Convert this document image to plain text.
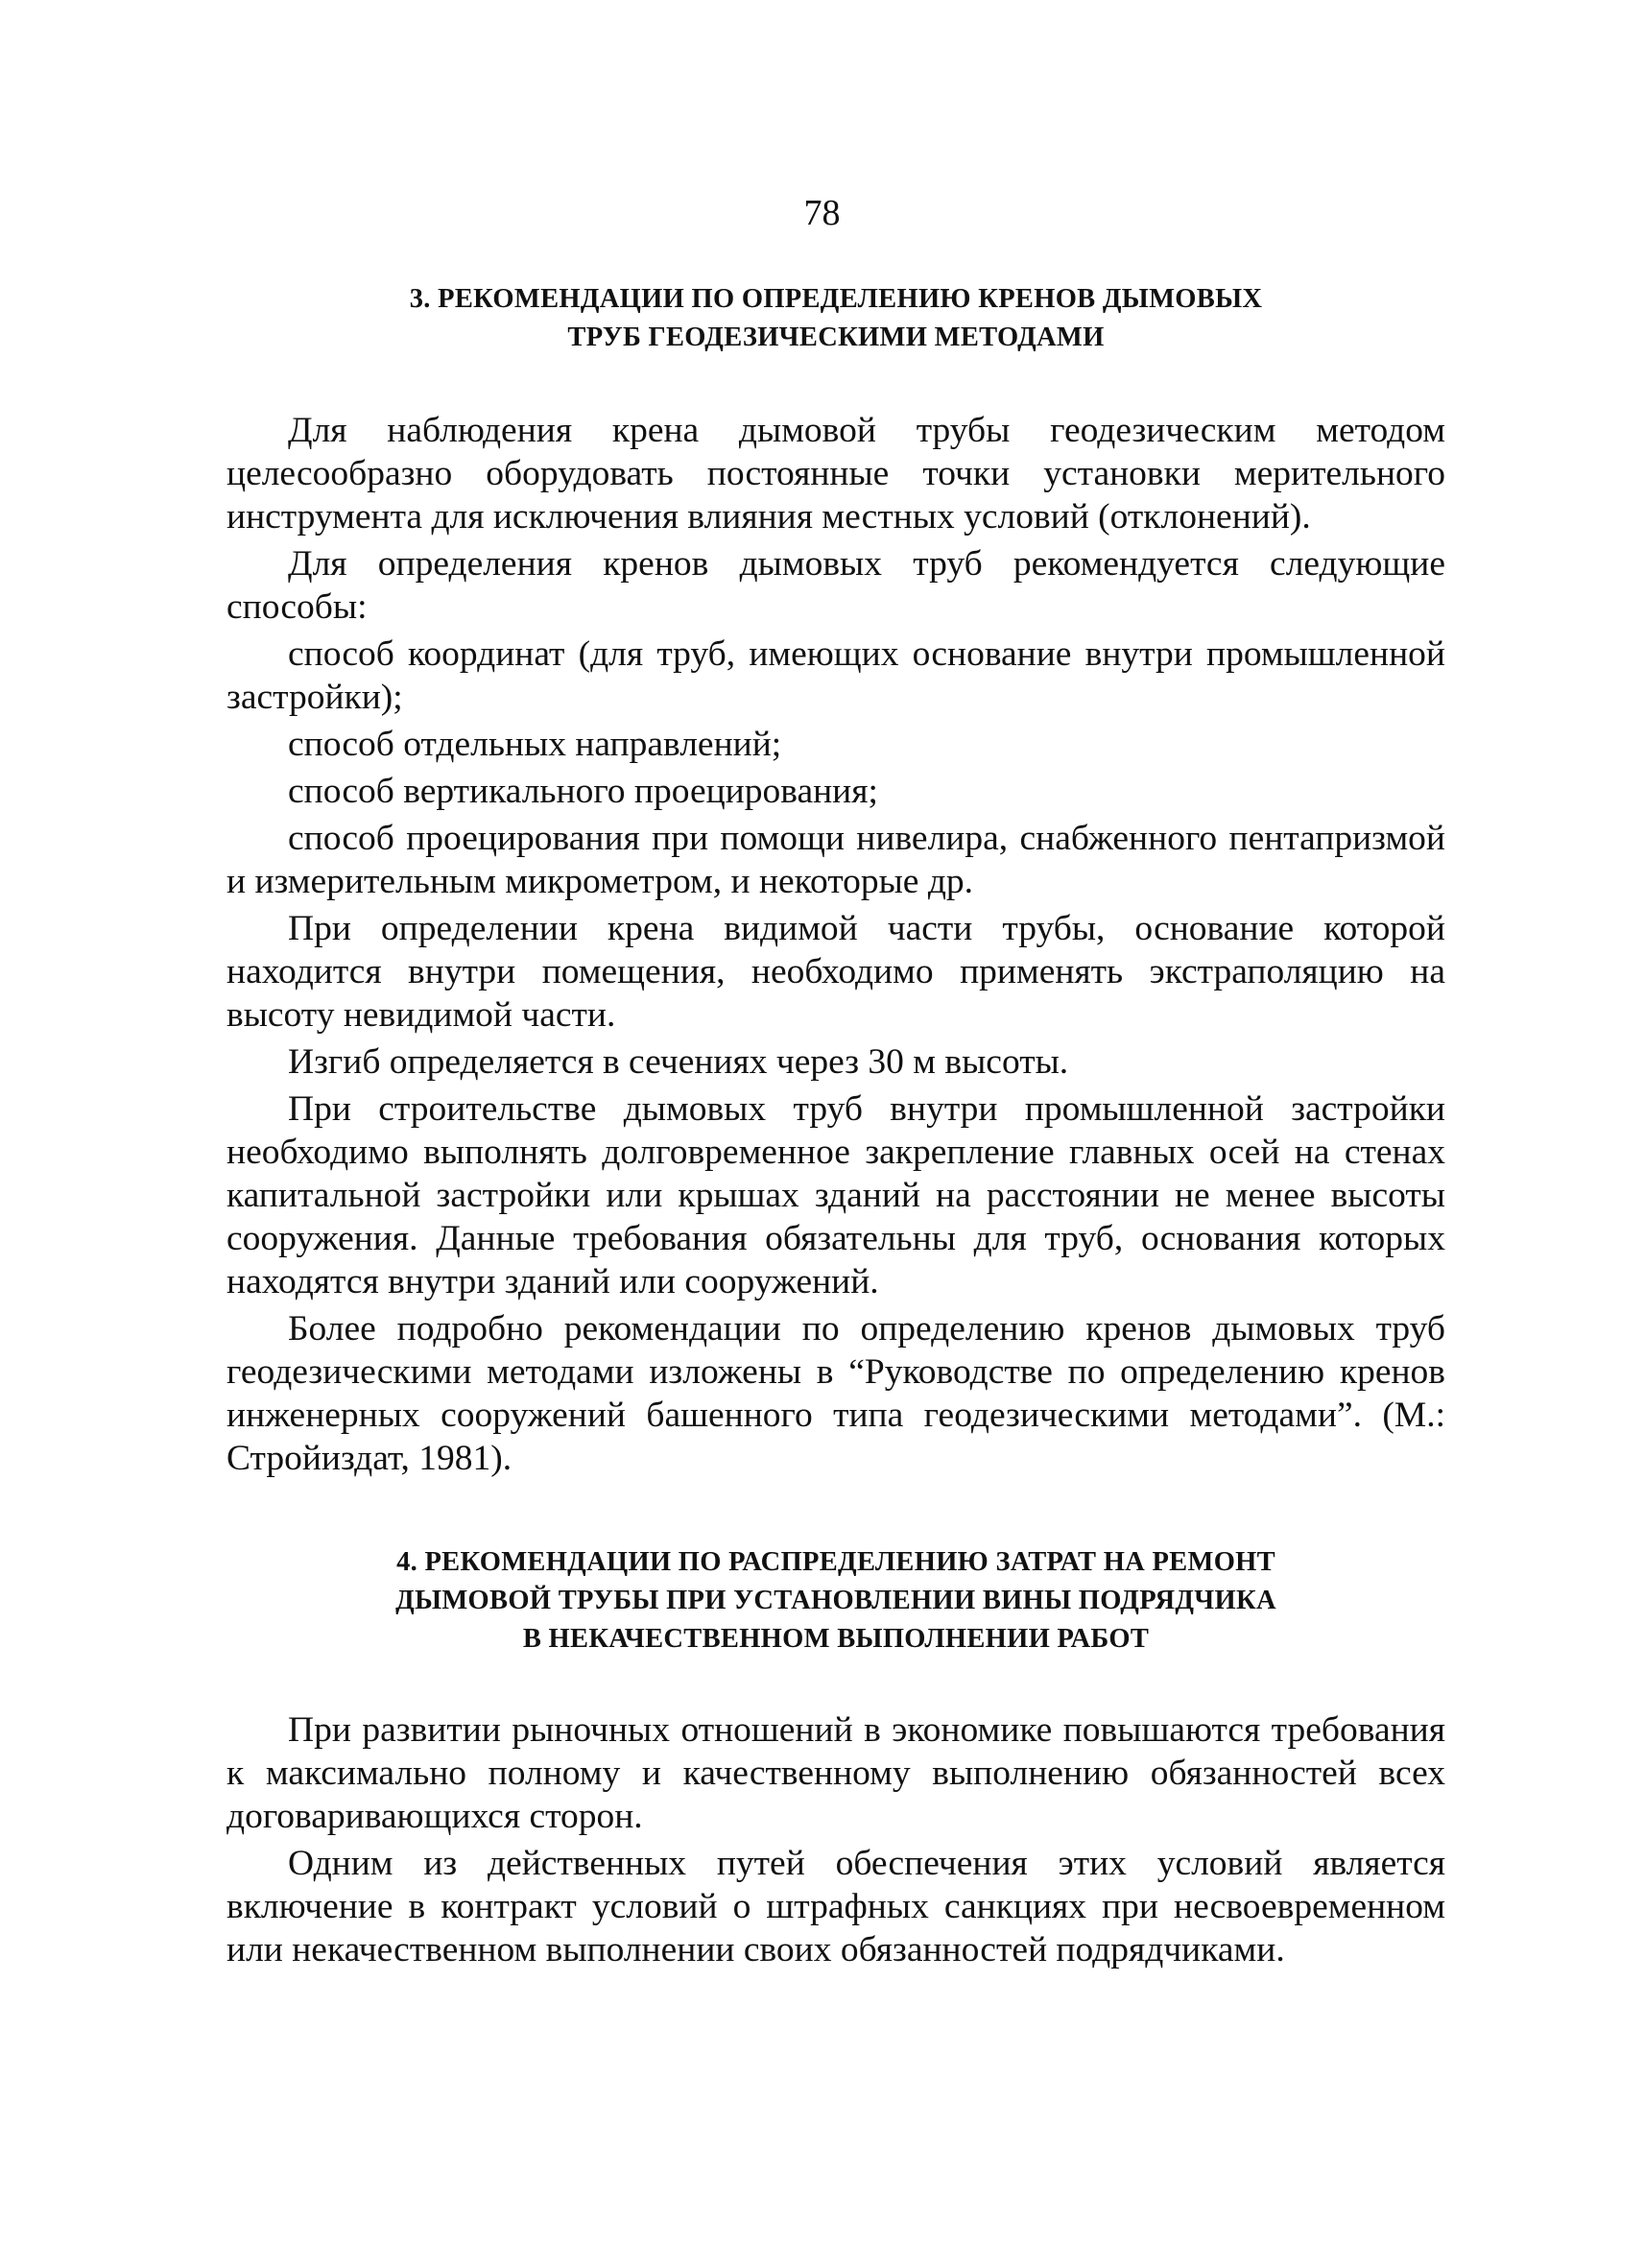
78
3. РЕКОМЕНДАЦИИ ПО ОПРЕДЕЛЕНИЮ КРЕНОВ ДЫМОВЫХ
ТРУБ ГЕОДЕЗИЧЕСКИМИ МЕТОДАМИ

Для наблюдения крена дымовой трубы геодезическим методом целесообразно оборудовать постоянные точки установки мерительного инструмента для исключения влияния местных условий (отклонений).

Для определения кренов дымовых труб рекомендуется следующие способы:

способ координат (для труб, имеющих основание внутри промышленной застройки);

способ отдельных направлений;

способ вертикального проецирования;

способ проецирования при помощи нивелира, снабженного пентапризмой и измерительным микрометром, и некоторые др.

При определении крена видимой части трубы, основание которой находится внутри помещения, необходимо применять экстраполяцию на высоту невидимой части.

Изгиб определяется в сечениях через 30 м высоты.

При строительстве дымовых труб внутри промышленной застройки необходимо выполнять долговременное закрепление главных осей на стенах капитальной застройки или крышах зданий на расстоянии не менее высоты сооружения. Данные требования обязательны для труб, основания которых находятся внутри зданий или сооружений.

Более подробно рекомендации по определению кренов дымовых труб геодезическими методами изложены в “Руководстве по определению кренов инженерных сооружений башенного типа геодезическими методами”. (М.: Стройиздат, 1981).

4. РЕКОМЕНДАЦИИ ПО РАСПРЕДЕЛЕНИЮ ЗАТРАТ НА РЕМОНТ
ДЫМОВОЙ ТРУБЫ ПРИ УСТАНОВЛЕНИИ ВИНЫ ПОДРЯДЧИКА
В НЕКАЧЕСТВЕННОМ ВЫПОЛНЕНИИ РАБОТ

При развитии рыночных отношений в экономике повышаются требования к максимально полному и качественному выполнению обязанностей всех договаривающихся сторон.

Одним из действенных путей обеспечения этих условий является включение в контракт условий о штрафных санкциях при несвоевременном или некачественном выполнении своих обязанностей подрядчиками.
